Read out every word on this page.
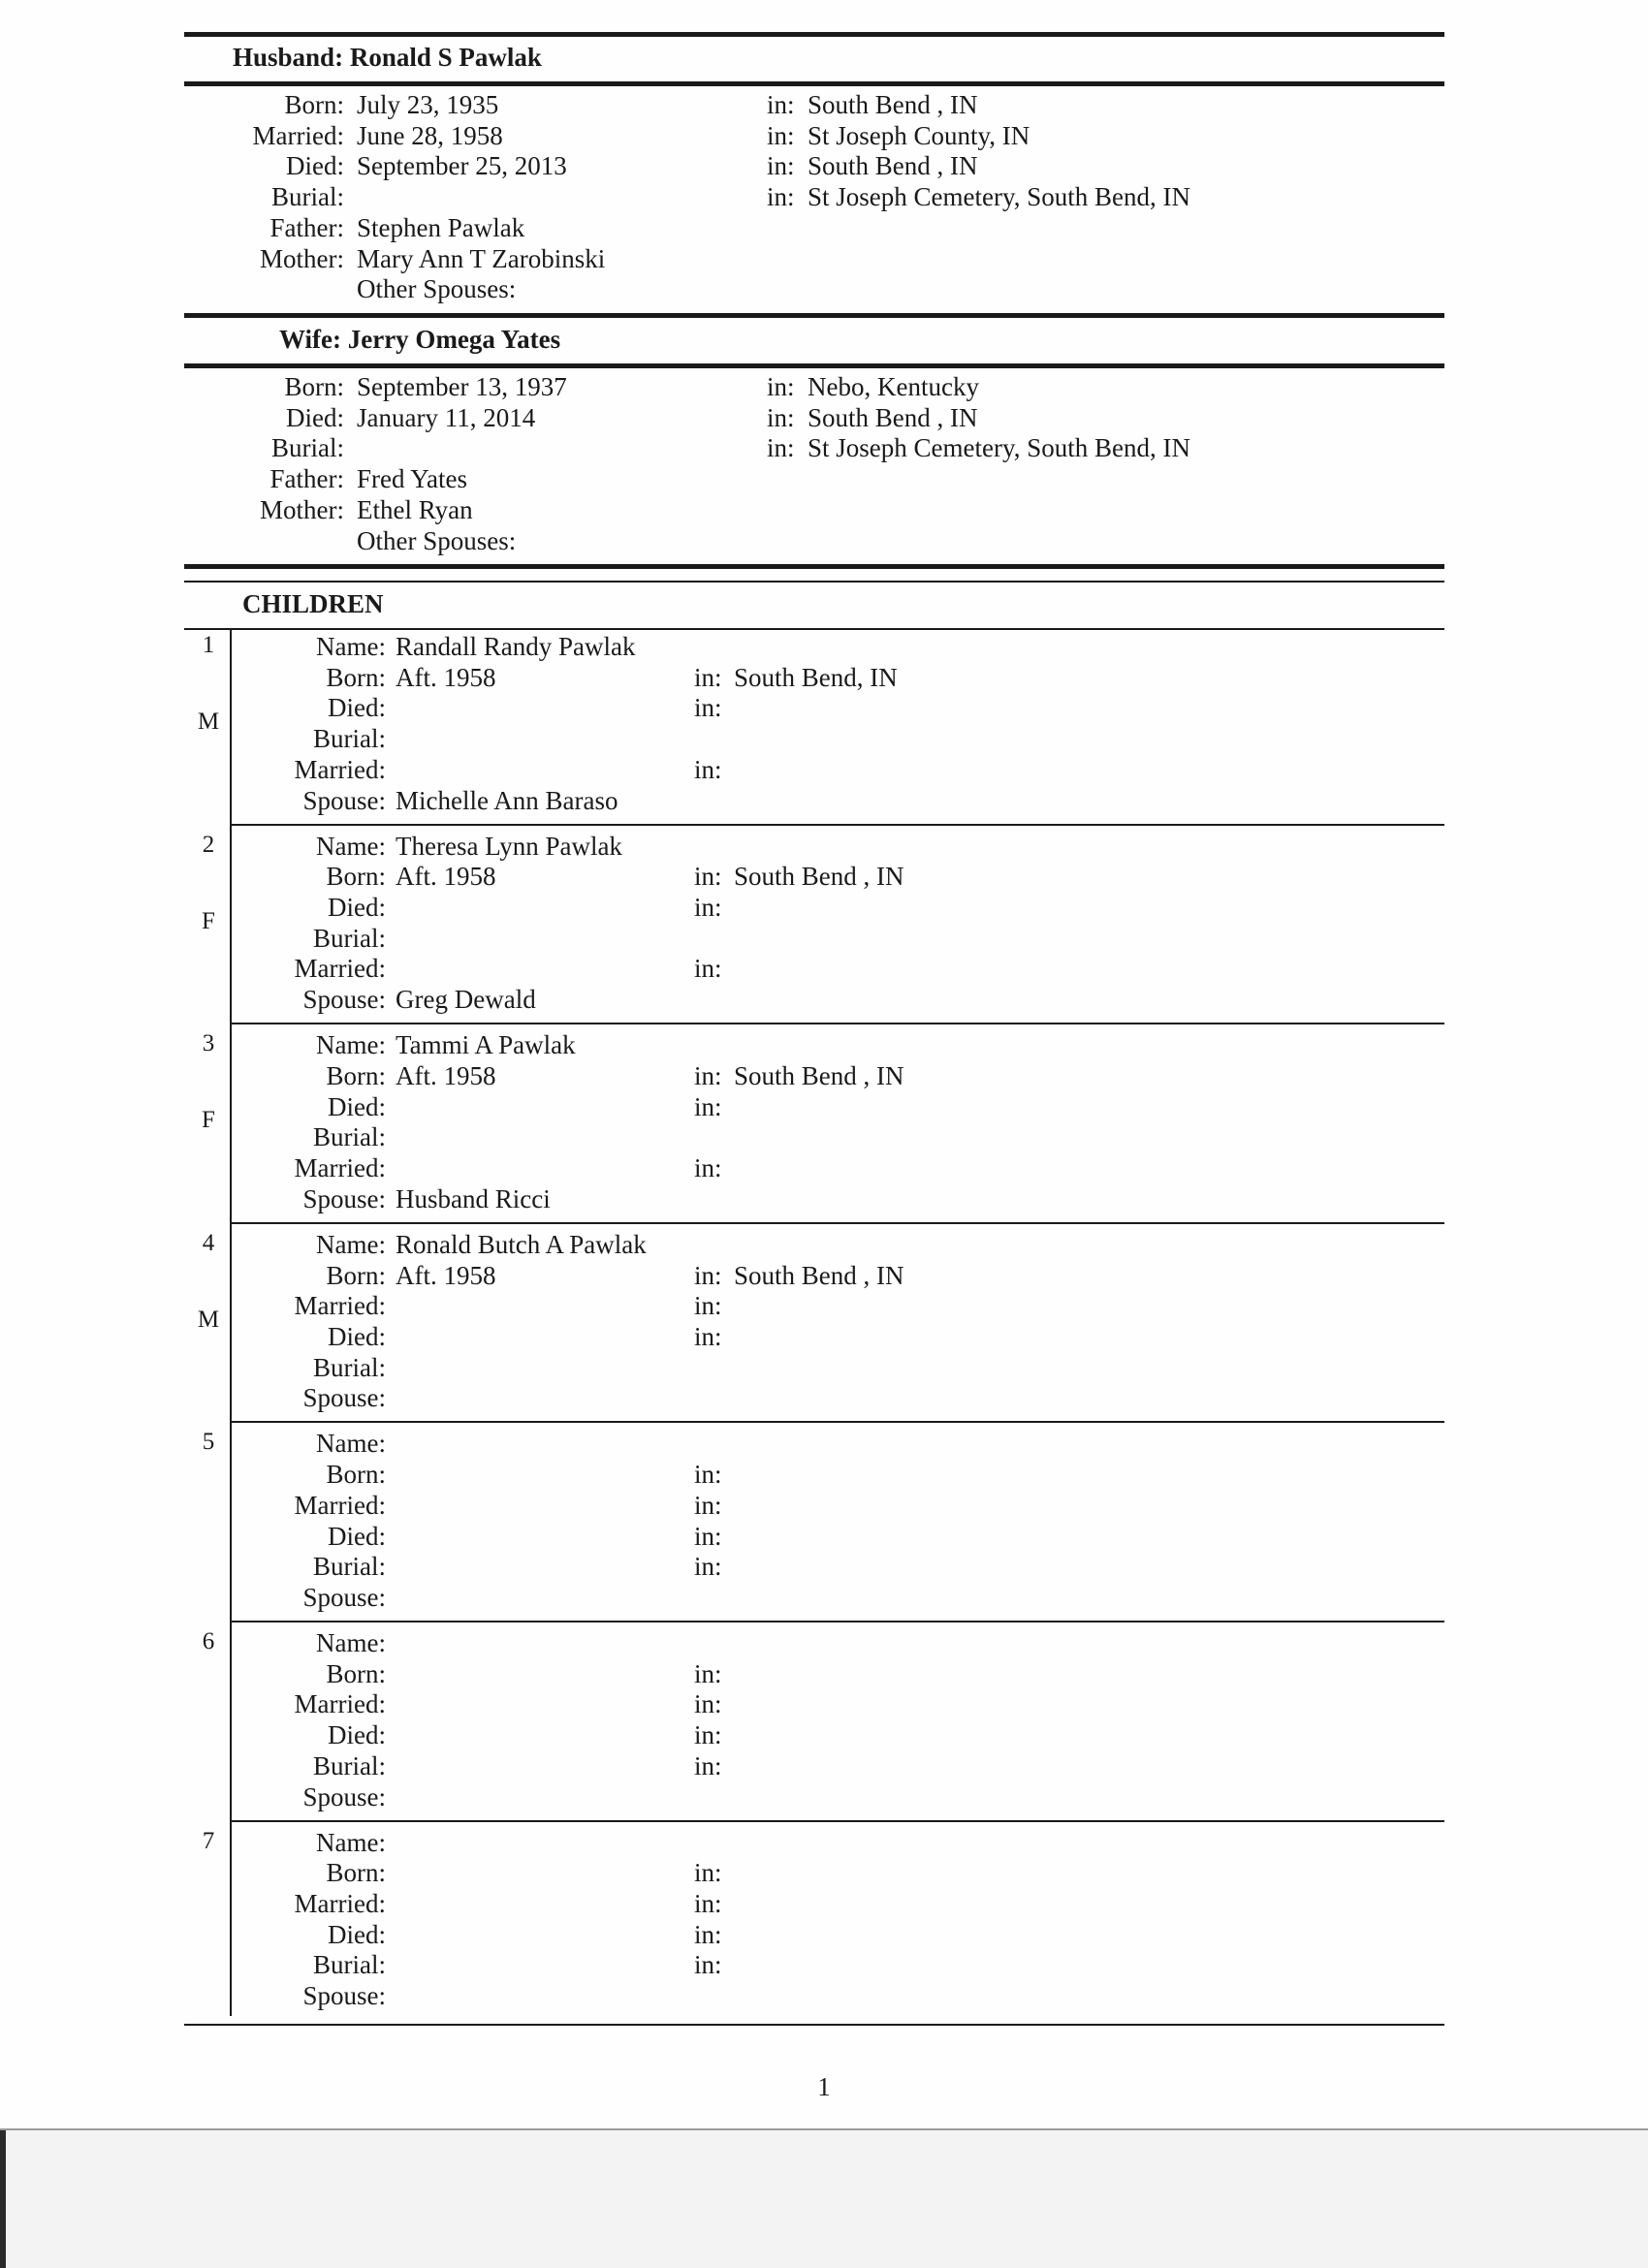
Husband: Ronald S Pawlak
Born: July 23, 1935	in: South Bend , IN
Married: June 28, 1958	in: St Joseph County, IN
Died: September 25, 2013	in: South Bend , IN
Burial:	in: St Joseph Cemetery, South Bend, IN
Father: Stephen Pawlak
Mother: Mary Ann T Zarobinski
Other Spouses:
Wife: Jerry Omega Yates
Born: September 13, 1937	in: Nebo, Kentucky
Died: January 11, 2014	in: South Bend , IN
Burial:	in: St Joseph Cemetery, South Bend, IN
Father: Fred Yates
Mother: Ethel Ryan
Other Spouses:
CHILDREN
1
M
Name: Randall Randy Pawlak
Born: Aft. 1958	in: South Bend, IN
Died:	in:
Burial:
Married:	in:
Spouse: Michelle Ann Baraso
2
F
Name: Theresa Lynn Pawlak
Born: Aft. 1958	in: South Bend , IN
Died:	in:
Burial:
Married:	in:
Spouse: Greg Dewald
3
F
Name: Tammi A Pawlak
Born: Aft. 1958	in: South Bend , IN
Died:	in:
Burial:
Married:	in:
Spouse: Husband Ricci
4
M
Name: Ronald Butch A Pawlak
Born: Aft. 1958	in: South Bend , IN
Married:	in:
Died:	in:
Burial:
Spouse:
5	Name:
Born:	in:
Married:	in:
Died:	in:
Burial:	in:
Spouse:
6	Name:
Born:	in:
Married:	in:
Died:	in:
Burial:	in:
Spouse:
7	Name:
Born:	in:
Married:	in:
Died:	in:
Burial:	in:
Spouse:
1
